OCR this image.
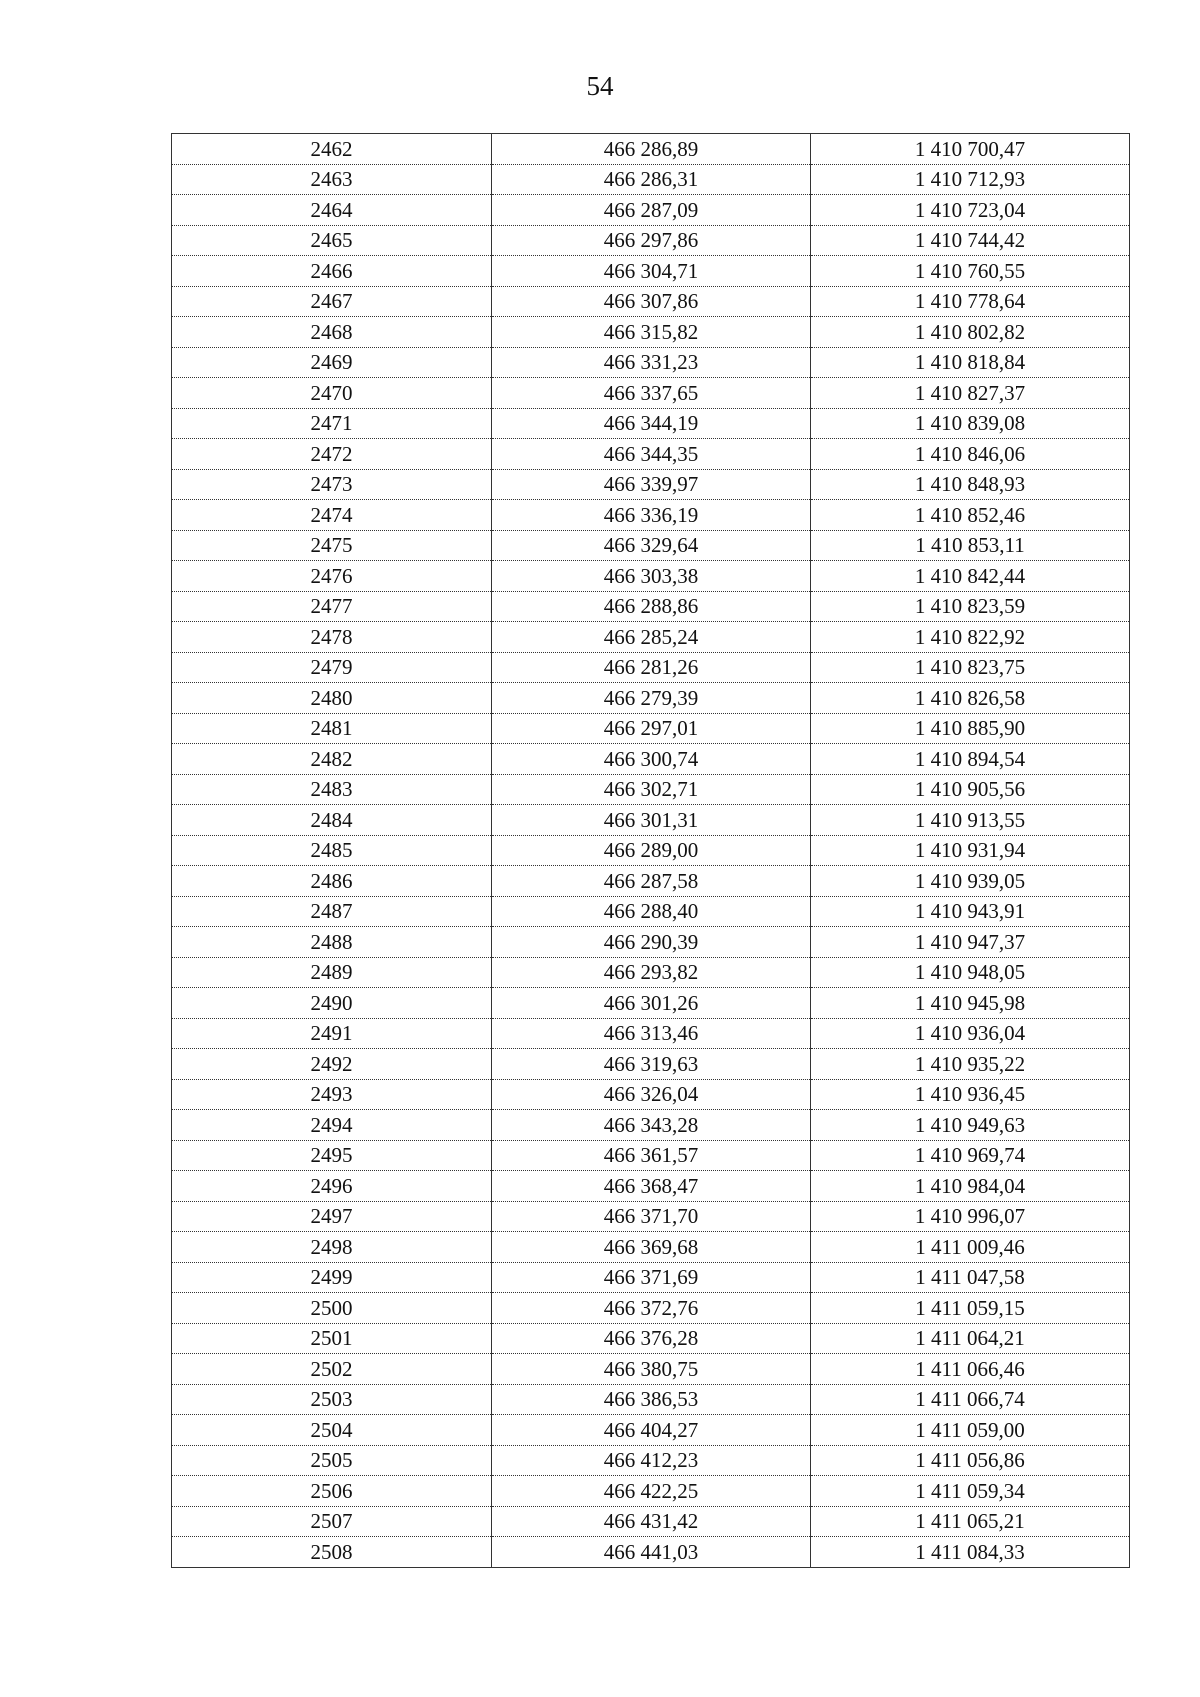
54
2462	466 286,89	1 410 700,47
2463	466 286,31	1 410 712,93
2464	466 287,09	1 410 723,04
2465	466 297,86	1 410 744,42
2466	466 304,71	1 410 760,55
2467	466 307,86	1 410 778,64
2468	466 315,82	1 410 802,82
2469	466 331,23	1 410 818,84
2470	466 337,65	1 410 827,37
2471	466 344,19	1 410 839,08
2472	466 344,35	1 410 846,06
2473	466 339,97	1 410 848,93
2474	466 336,19	1 410 852,46
2475	466 329,64	1 410 853,11
2476	466 303,38	1 410 842,44
2477	466 288,86	1 410 823,59
2478	466 285,24	1 410 822,92
2479	466 281,26	1 410 823,75
2480	466 279,39	1 410 826,58
2481	466 297,01	1 410 885,90
2482	466 300,74	1 410 894,54
2483	466 302,71	1 410 905,56
2484	466 301,31	1 410 913,55
2485	466 289,00	1 410 931,94
2486	466 287,58	1 410 939,05
2487	466 288,40	1 410 943,91
2488	466 290,39	1 410 947,37
2489	466 293,82	1 410 948,05
2490	466 301,26	1 410 945,98
2491	466 313,46	1 410 936,04
2492	466 319,63	1 410 935,22
2493	466 326,04	1 410 936,45
2494	466 343,28	1 410 949,63
2495	466 361,57	1 410 969,74
2496	466 368,47	1 410 984,04
2497	466 371,70	1 410 996,07
2498	466 369,68	1 411 009,46
2499	466 371,69	1 411 047,58
2500	466 372,76	1 411 059,15
2501	466 376,28	1 411 064,21
2502	466 380,75	1 411 066,46
2503	466 386,53	1 411 066,74
2504	466 404,27	1 411 059,00
2505	466 412,23	1 411 056,86
2506	466 422,25	1 411 059,34
2507	466 431,42	1 411 065,21
2508	466 441,03	1 411 084,33
